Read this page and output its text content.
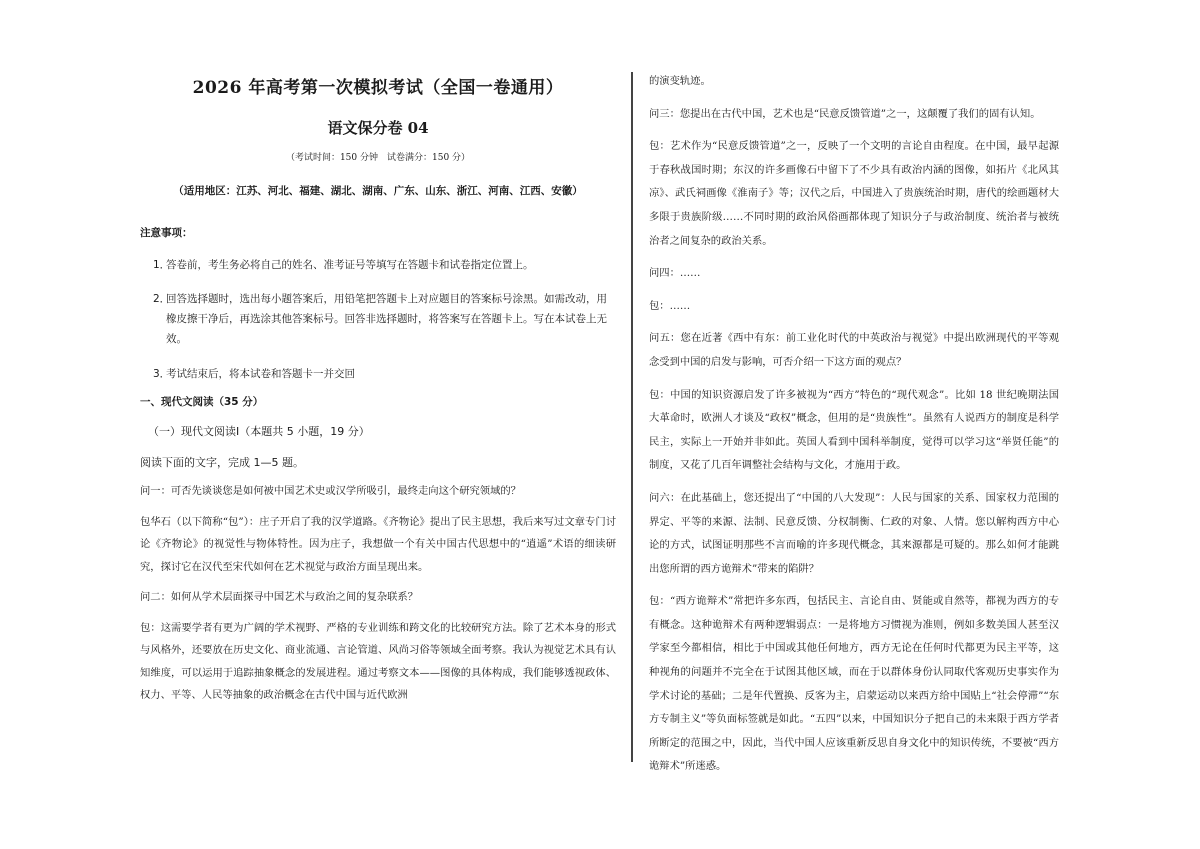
2026 年高考第一次模拟考试（全国一卷通用）
语文保分卷 04
（考试时间：150 分钟　试卷满分：150 分）
（适用地区：江苏、河北、福建、湖北、湖南、广东、山东、浙江、河南、江西、安徽）
注意事项：
1．答卷前，考生务必将自己的姓名、准考证号等填写在答题卡和试卷指定位置上。
2．回答选择题时，选出每小题答案后，用铅笔把答题卡上对应题目的答案标号涂黑。如需改动，用橡皮擦干净后，再选涂其他答案标号。回答非选择题时，将答案写在答题卡上。写在本试卷上无效。
3．考试结束后，将本试卷和答题卡一并交回
一、现代文阅读（35 分）
（一）现代文阅读Ⅰ（本题共 5 小题，19 分）
阅读下面的文字，完成 1—5 题。
问一：可否先谈谈您是如何被中国艺术史或汉学所吸引，最终走向这个研究领域的？
包华石（以下简称“包”）：庄子开启了我的汉学道路。《齐物论》提出了民主思想，我后来写过文章专门讨论《齐物论》的视觉性与物体特性。因为庄子，我想做一个有关中国古代思想中的“逍遥”术语的细读研究，探讨它在汉代至宋代如何在艺术视觉与政治方面呈现出来。
问二：如何从学术层面探寻中国艺术与政治之间的复杂联系？
包：这需要学者有更为广阔的学术视野、严格的专业训练和跨文化的比较研究方法。除了艺术本身的形式与风格外，还要放在历史文化、商业流通、言论管道、风尚习俗等领域全面考察。我认为视觉艺术具有认知维度，可以运用于追踪抽象概念的发展进程。通过考察文本——图像的具体构成，我们能够透视政体、权力、平等、人民等抽象的政治概念在古代中国与近代欧洲
的演变轨迹。
问三：您提出在古代中国，艺术也是“民意反馈管道”之一，这颠覆了我们的固有认知。
包：艺术作为“民意反馈管道”之一，反映了一个文明的言论自由程度。在中国，最早起源于春秋战国时期；东汉的许多画像石中留下了不少具有政治内涵的图像，如拓片《北风其凉》、武氏祠画像《淮南子》等；汉代之后，中国进入了贵族统治时期，唐代的绘画题材大多限于贵族阶级……不同时期的政治风俗画都体现了知识分子与政治制度、统治者与被统治者之间复杂的政治关系。
问四：……
包：……
问五：您在近著《西中有东：前工业化时代的中英政治与视觉》中提出欧洲现代的平等观念受到中国的启发与影响，可否介绍一下这方面的观点？
包：中国的知识资源启发了许多被视为“西方”特色的“现代观念”。比如 18 世纪晚期法国大革命时，欧洲人才谈及“政权”概念，但用的是“贵族性”。虽然有人说西方的制度是科学民主，实际上一开始并非如此。英国人看到中国科举制度，觉得可以学习这“举贤任能”的制度，又花了几百年调整社会结构与文化，才施用于政。
问六：在此基础上，您还提出了“中国的八大发现”：人民与国家的关系、国家权力范围的界定、平等的来源、法制、民意反馈、分权制衡、仁政的对象、人情。您以解构西方中心论的方式，试图证明那些不言而喻的许多现代概念，其来源都是可疑的。那么如何才能跳出您所谓的西方诡辩术”带来的陷阱？
包：“西方诡辩术”常把许多东西，包括民主、言论自由、贤能或自然等，都视为西方的专有概念。这种诡辩术有两种逻辑弱点：一是将地方习惯视为准则，例如多数美国人甚至汉学家至今都相信，相比于中国或其他任何地方，西方无论在任何时代都更为民主平等，这种视角的问题并不完全在于试图其他区域，而在于以群体身份认同取代客观历史事实作为学术讨论的基础；二是年代置换、反客为主，启蒙运动以来西方给中国贴上“社会停滞”“东方专制主义”等负面标签就是如此。“五四”以来，中国知识分子把自己的未来限于西方学者所断定的范围之中，因此，当代中国人应该重新反思自身文化中的知识传统，不要被“西方诡辩术”所迷惑。
